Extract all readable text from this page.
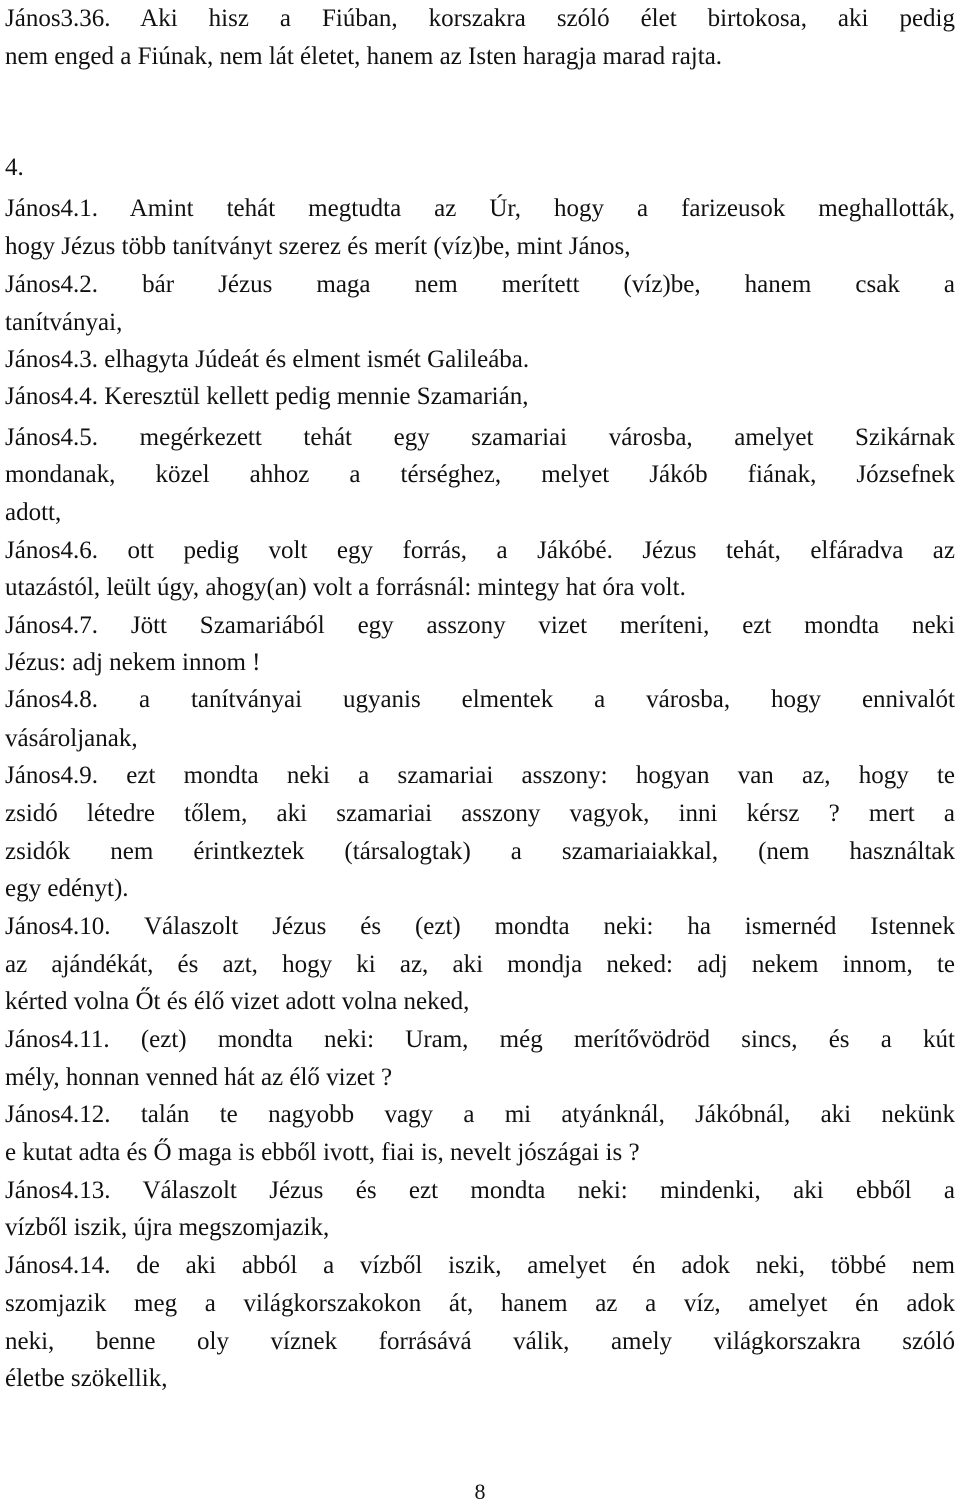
János3.36. Aki hisz a Fiúban, korszakra szóló élet birtokosa, aki pedig
nem enged a Fiúnak, nem lát életet, hanem az Isten haragja marad rajta.
4.
János4.1. Amint tehát megtudta az Úr, hogy a farizeusok meghallották,
hogy Jézus több tanítványt szerez és merít (víz)be, mint János,
János4.2. bár Jézus maga nem merített (víz)be, hanem csak a
tanítványai,
János4.3. elhagyta Júdeát és elment ismét Galileába.
János4.4. Keresztül kellett pedig mennie Szamarián,
János4.5. megérkezett tehát egy szamariai városba, amelyet Szikárnak
mondanak, közel ahhoz a térséghez, melyet Jákób fiának, Józsefnek
adott,
János4.6. ott pedig volt egy forrás, a Jákóbé. Jézus tehát, elfáradva az
utazástól, leült úgy, ahogy(an) volt a forrásnál: mintegy hat óra volt.
János4.7. Jött Szamariából egy asszony vizet meríteni, ezt mondta neki
Jézus: adj nekem innom !
János4.8. a tanítványai ugyanis elmentek a városba, hogy ennivalót
vásároljanak,
János4.9. ezt mondta neki a szamariai asszony: hogyan van az, hogy te
zsidó létedre tőlem, aki szamariai asszony vagyok, inni kérsz ? mert a
zsidók nem érintkeztek (társalogtak) a szamariaiakkal, (nem használtak
egy edényt).
János4.10. Válaszolt Jézus és (ezt) mondta neki: ha ismernéd Istennek
az ajándékát, és azt, hogy ki az, aki mondja neked: adj nekem innom, te
kérted volna Őt és élő vizet adott volna neked,
János4.11. (ezt) mondta neki: Uram, még merítővödröd sincs, és a kút
mély, honnan venned hát az élő vizet ?
János4.12. talán te nagyobb vagy a mi atyánknál, Jákóbnál, aki nekünk
e kutat adta és Ő maga is ebből ivott, fiai is, nevelt jószágai is ?
János4.13. Válaszolt Jézus és ezt mondta neki: mindenki, aki ebből a
vízből iszik, újra megszomjazik,
János4.14. de aki abból a vízből iszik, amelyet én adok neki, többé nem
szomjazik meg a világkorszakokon át, hanem az a víz, amelyet én adok
neki, benne oly víznek forrásává válik, amely világkorszakra szóló
életbe szökellik,
8
